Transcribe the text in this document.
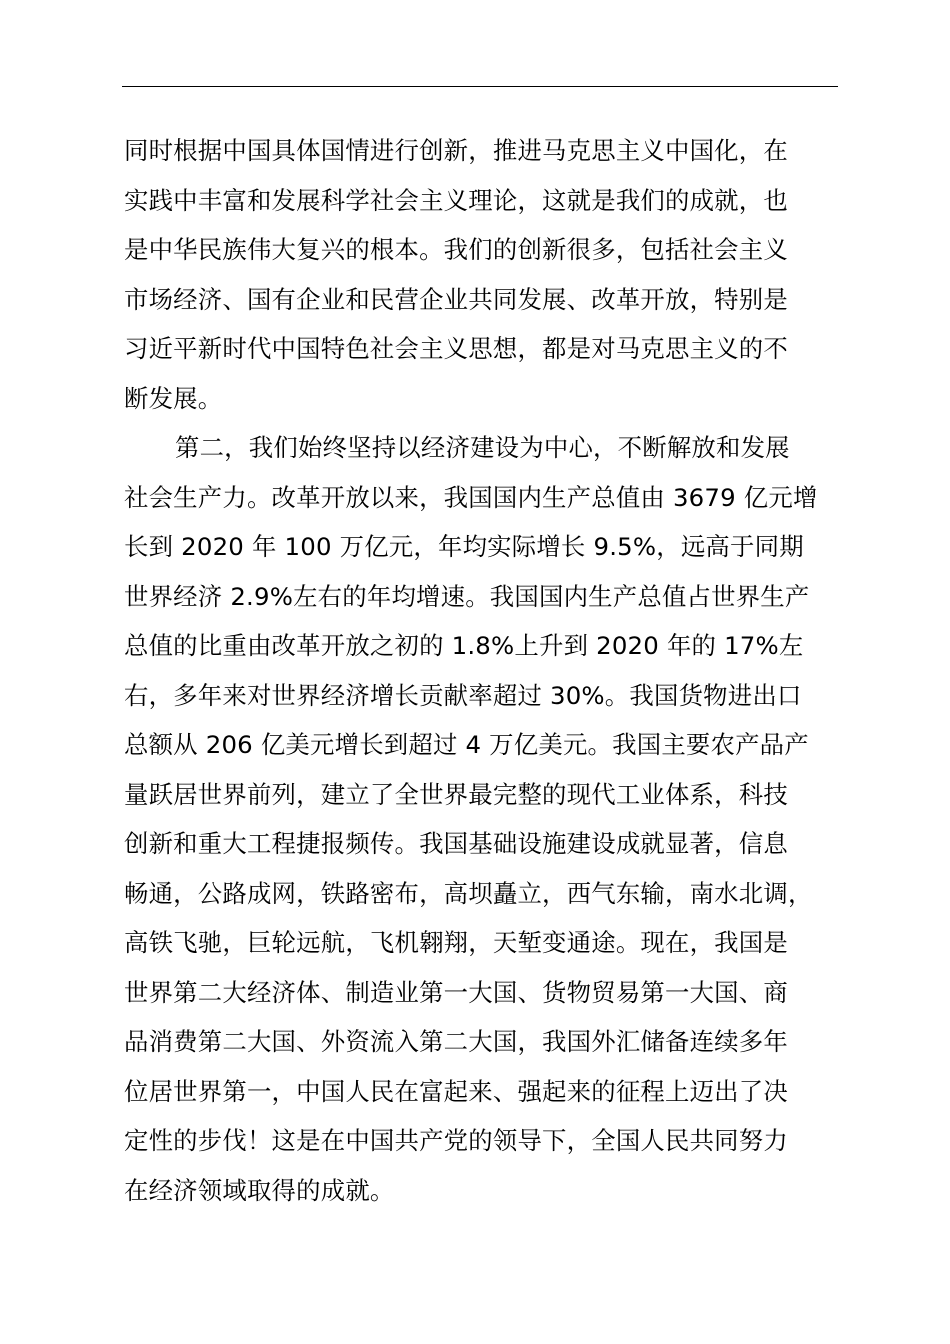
同时根据中国具体国情进行创新，推进马克思主义中国化，在
实践中丰富和发展科学社会主义理论，这就是我们的成就，也
是中华民族伟大复兴的根本。我们的创新很多，包括社会主义
市场经济、国有企业和民营企业共同发展、改革开放，特别是
习近平新时代中国特色社会主义思想，都是对马克思主义的不
断发展。
第二，我们始终坚持以经济建设为中心，不断解放和发展
社会生产力。改革开放以来，我国国内生产总值由 3679 亿元增
长到 2020 年 100 万亿元，年均实际增长 9.5%，远高于同期
世界经济 2.9%左右的年均增速。我国国内生产总值占世界生产
总值的比重由改革开放之初的 1.8%上升到 2020 年的 17%左
右，多年来对世界经济增长贡献率超过 30%。我国货物进出口
总额从 206 亿美元增长到超过 4 万亿美元。我国主要农产品产
量跃居世界前列，建立了全世界最完整的现代工业体系，科技
创新和重大工程捷报频传。我国基础设施建设成就显著，信息
畅通，公路成网，铁路密布，高坝矗立，西气东输，南水北调，
高铁飞驰，巨轮远航，飞机翱翔，天堑变通途。现在，我国是
世界第二大经济体、制造业第一大国、货物贸易第一大国、商
品消费第二大国、外资流入第二大国，我国外汇储备连续多年
位居世界第一，中国人民在富起来、强起来的征程上迈出了决
定性的步伐！这是在中国共产党的领导下，全国人民共同努力
在经济领域取得的成就。
